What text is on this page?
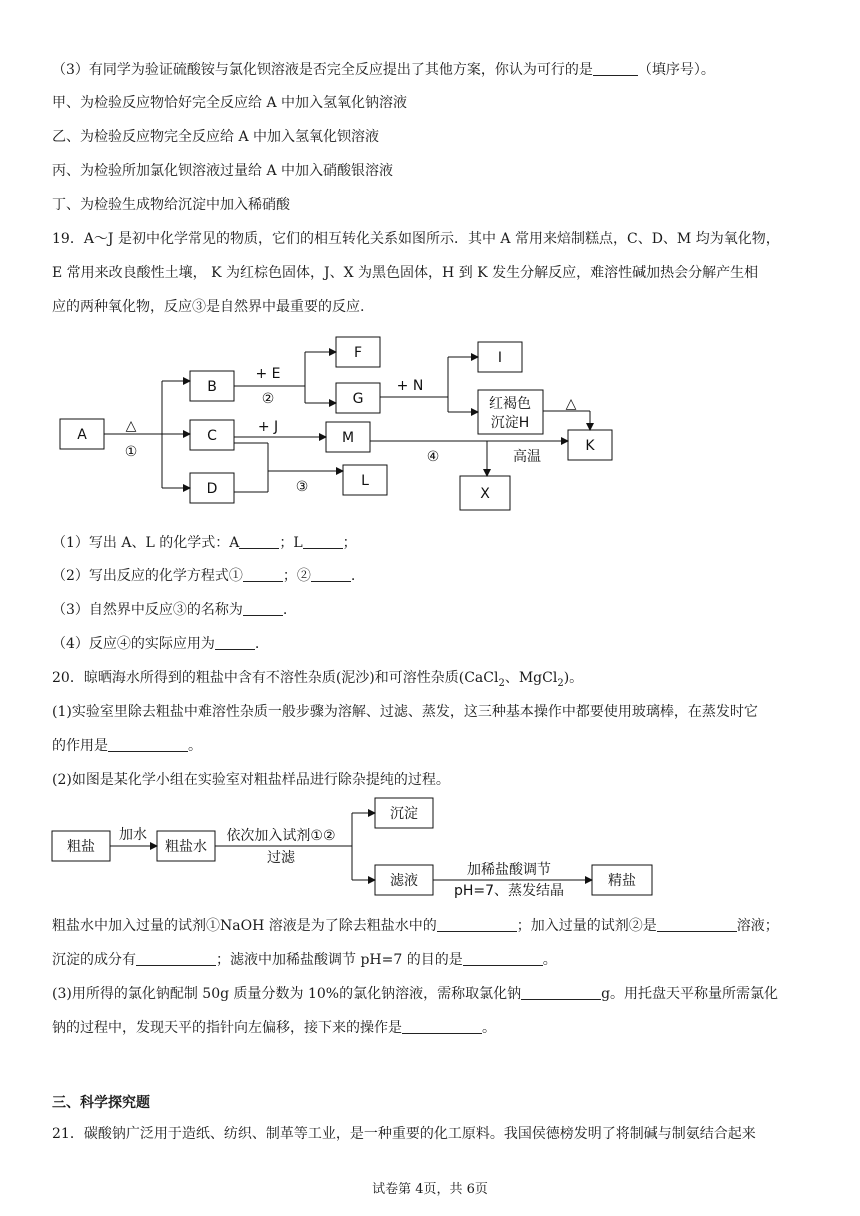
（3）有同学为验证硫酸铵与氯化钡溶液是否完全反应提出了其他方案，你认为可行的是	（填序号）。
甲、为检验反应物恰好完全反应给 A 中加入氢氧化钠溶液
乙、为检验反应物完全反应给 A 中加入氢氧化钡溶液
丙、为检验所加氯化钡溶液过量给 A 中加入硝酸银溶液
丁、为检验生成物给沉淀中加入稀硝酸
19．A～J 是初中化学常见的物质，它们的相互转化关系如图所示．其中 A 常用来焙制糕点，C、D、M 均为氧化物，
E 常用来改良酸性土壤， K 为红棕色固体，J、X 为黑色固体，H 到 K 发生分解反应，难溶性碱加热会分解产生相
应的两种氧化物，反应③是自然界中最重要的反应.
A
B
C
D
F
G
I
红褐色
沉淀H
M	K
L
X
△
①
+ E
②
+ N
△
+ J
③
④	高温
（1）写出 A、L 的化学式：A	；L	；
（2）写出反应的化学方程式①	；②	.
（3）自然界中反应③的名称为	.
（4）反应④的实际应用为	.
20．晾晒海水所得到的粗盐中含有不溶性杂质(泥沙)和可溶性杂质(CaCl$_2$、MgCl$_2$)。
(1)实验室里除去粗盐中难溶性杂质一般步骤为溶解、过滤、蒸发，这三种基本操作中都要使用玻璃棒，在蒸发时它
的作用是	。
(2)如图是某化学小组在实验室对粗盐样品进行除杂提纯的过程。
粗盐
加水
粗盐水
依次加入试剂①②
过滤
沉淀
滤液
加稀盐酸调节
pH=7、蒸发结晶
精盐
粗盐水中加入过量的试剂①NaOH 溶液是为了除去粗盐水中的	；加入过量的试剂②是	溶液；
沉淀的成分有	；滤液中加稀盐酸调节 pH=7 的目的是	。
(3)用所得的氯化钠配制 50g 质量分数为 10%的氯化钠溶液，需称取氯化钠	g。用托盘天平称量所需氯化
钠的过程中，发现天平的指针向左偏移，接下来的操作是	。
三、科学探究题
21．碳酸钠广泛用于造纸、纺织、制革等工业，是一种重要的化工原料。我国侯德榜发明了将制碱与制氨结合起来
试卷第 4页，共 6页
